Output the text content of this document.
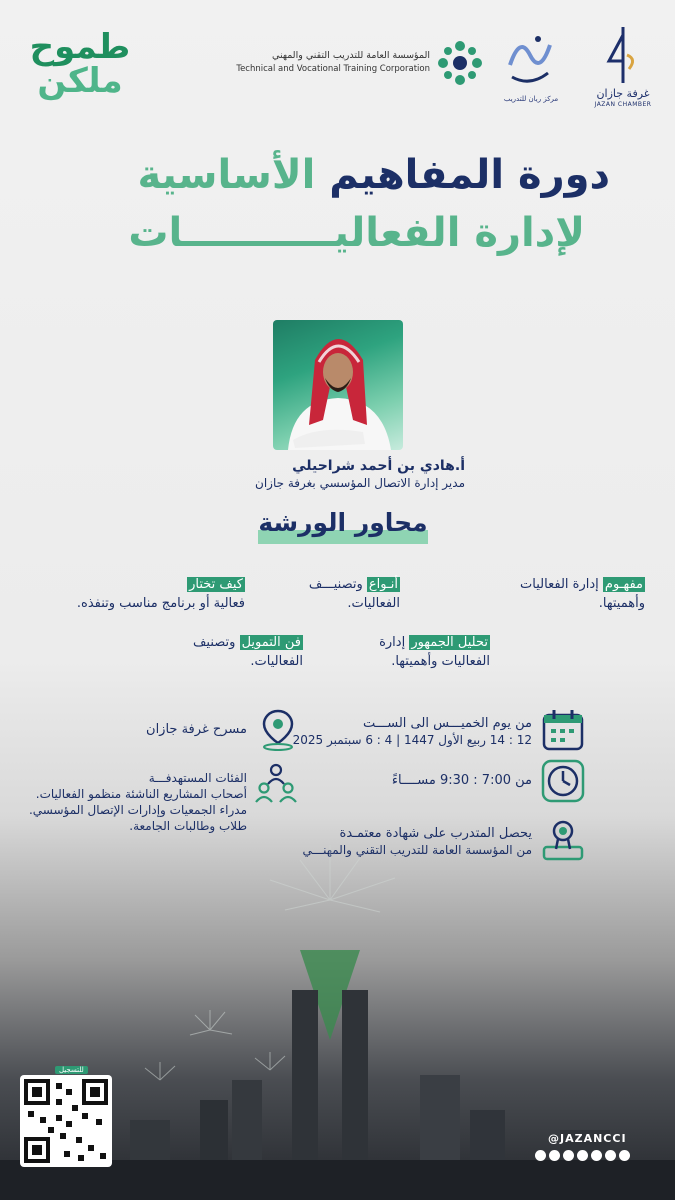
طموح
ملكن
المؤسسة العامة للتدريب التقني والمهني
Technical and Vocational Training Corporation
مركز ريان للتدريب	غرفة جازان
JAZAN CHAMBER
دورة المفاهيم الأساسية
لإدارة الفعاليـــــــــــات
أ.هادي بن أحمد شراحيلي
مدير إدارة الاتصال المؤسسي بغرفة جازان
محاور الورشة
مفهـوم إدارة الفعاليات
وأهميتها.
أنـواع وتصنيـــف
الفعاليات.
كيف تختار
فعالية أو برنامج مناسب وتنفذه.
تحليل الجمهور إدارة
الفعاليات وأهميتها.
فن التمويل وتصنيف
الفعاليات.
من يوم الخميـــس الى الســـت
12 : 14 ربيع الأول 1447 | 4 : 6 سبتمبر 2025
من 7:00 : 9:30 مســــاءً
يحصل المتدرب على شهادة معتمـدة
من المؤسسة العامة للتدريب التقني والمهنـــي
مسرح غرفة جازان
الفئات المستهدفـــة
أصحاب المشاريع الناشئة منظمو الفعاليات.
مدراء الجمعيات وإدارات الإتصال المؤسسي.
طلاب وطالبات الجامعة.
للتسجيل
@JAZANCCI
